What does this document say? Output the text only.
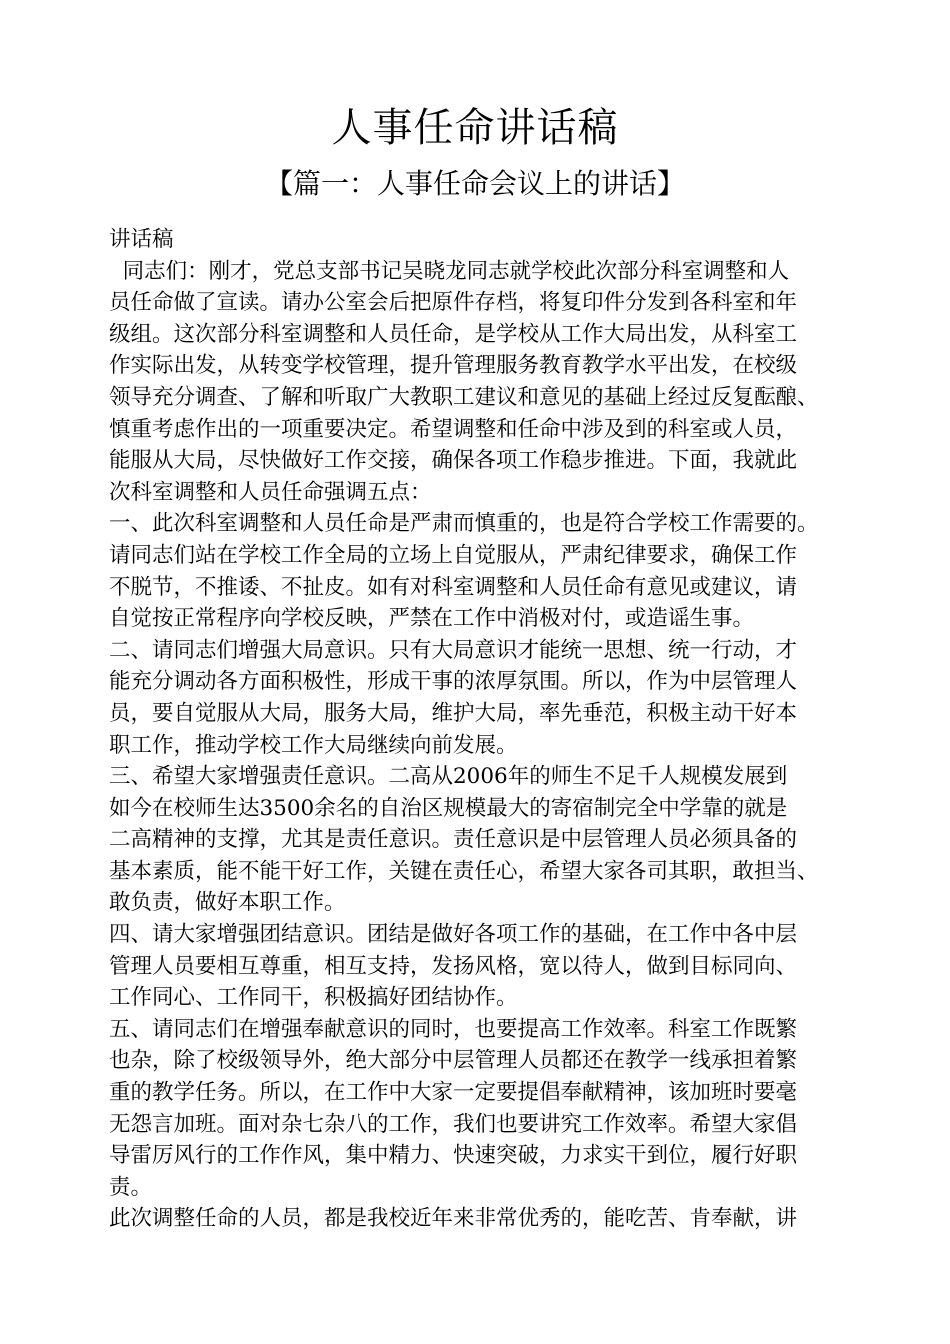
人事任命讲话稿
【篇一：人事任命会议上的讲话】
讲话稿
同志们：刚才，党总支部书记吴晓龙同志就学校此次部分科室调整和人
员任命做了宣读。请办公室会后把原件存档，将复印件分发到各科室和年
级组。这次部分科室调整和人员任命，是学校从工作大局出发，从科室工
作实际出发，从转变学校管理，提升管理服务教育教学水平出发，在校级
领导充分调查、了解和听取广大教职工建议和意见的基础上经过反复酝酿、
慎重考虑作出的一项重要决定。希望调整和任命中涉及到的科室或人员，
能服从大局，尽快做好工作交接，确保各项工作稳步推进。下面，我就此
次科室调整和人员任命强调五点：
一、此次科室调整和人员任命是严肃而慎重的，也是符合学校工作需要的。
请同志们站在学校工作全局的立场上自觉服从，严肃纪律要求，确保工作
不脱节，不推诿、不扯皮。如有对科室调整和人员任命有意见或建议，请
自觉按正常程序向学校反映，严禁在工作中消极对付，或造谣生事。
二、请同志们增强大局意识。只有大局意识才能统一思想、统一行动，才
能充分调动各方面积极性，形成干事的浓厚氛围。所以，作为中层管理人
员，要自觉服从大局，服务大局，维护大局，率先垂范，积极主动干好本
职工作，推动学校工作大局继续向前发展。
三、希望大家增强责任意识。二高从2006年的师生不足千人规模发展到
如今在校师生达3500余名的自治区规模最大的寄宿制完全中学靠的就是
二高精神的支撑，尤其是责任意识。责任意识是中层管理人员必须具备的
基本素质，能不能干好工作，关键在责任心，希望大家各司其职，敢担当、
敢负责，做好本职工作。
四、请大家增强团结意识。团结是做好各项工作的基础，在工作中各中层
管理人员要相互尊重，相互支持，发扬风格，宽以待人，做到目标同向、
工作同心、工作同干，积极搞好团结协作。
五、请同志们在增强奉献意识的同时，也要提高工作效率。科室工作既繁
也杂，除了校级领导外，绝大部分中层管理人员都还在教学一线承担着繁
重的教学任务。所以，在工作中大家一定要提倡奉献精神，该加班时要毫
无怨言加班。面对杂七杂八的工作，我们也要讲究工作效率。希望大家倡
导雷厉风行的工作作风，集中精力、快速突破，力求实干到位，履行好职
责。
此次调整任命的人员，都是我校近年来非常优秀的，能吃苦、肯奉献，讲
